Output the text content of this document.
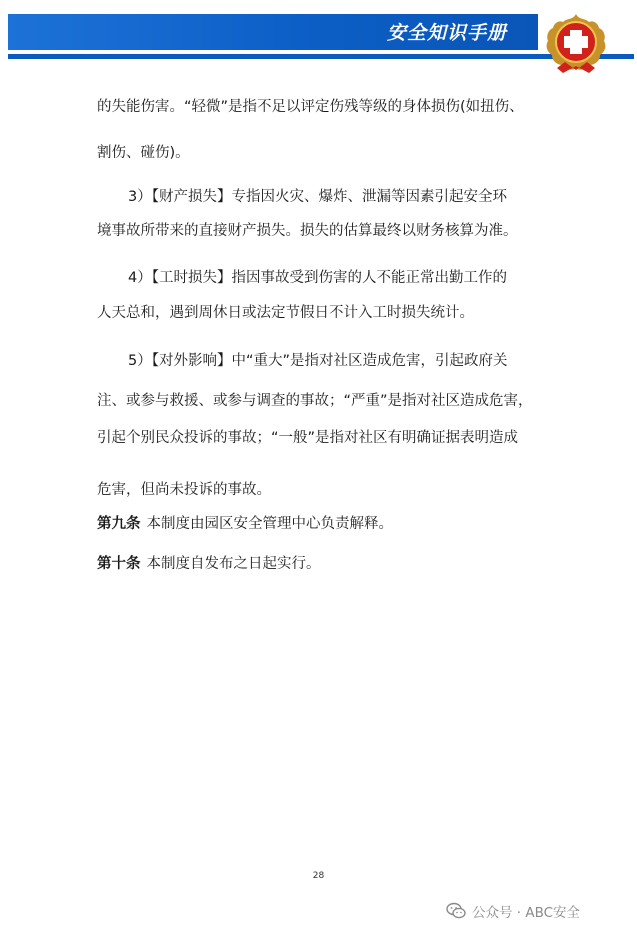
安全知识手册
的失能伤害。“轻微”是指不足以评定伤残等级的身体损伤(如扭伤、
割伤、碰伤)。
3）【财产损失】专指因火灾、爆炸、泄漏等因素引起安全环
境事故所带来的直接财产损失。损失的估算最终以财务核算为准。
4）【工时损失】指因事故受到伤害的人不能正常出勤工作的
人天总和，遇到周休日或法定节假日不计入工时损失统计。
5）【对外影响】中“重大”是指对社区造成危害，引起政府关
注、或参与救援、或参与调查的事故；“严重”是指对社区造成危害，
引起个别民众投诉的事故；“一般”是指对社区有明确证据表明造成
危害，但尚未投诉的事故。
第九条 本制度由园区安全管理中心负责解释。
第十条 本制度自发布之日起实行。
28
公众号 · ABC安全
